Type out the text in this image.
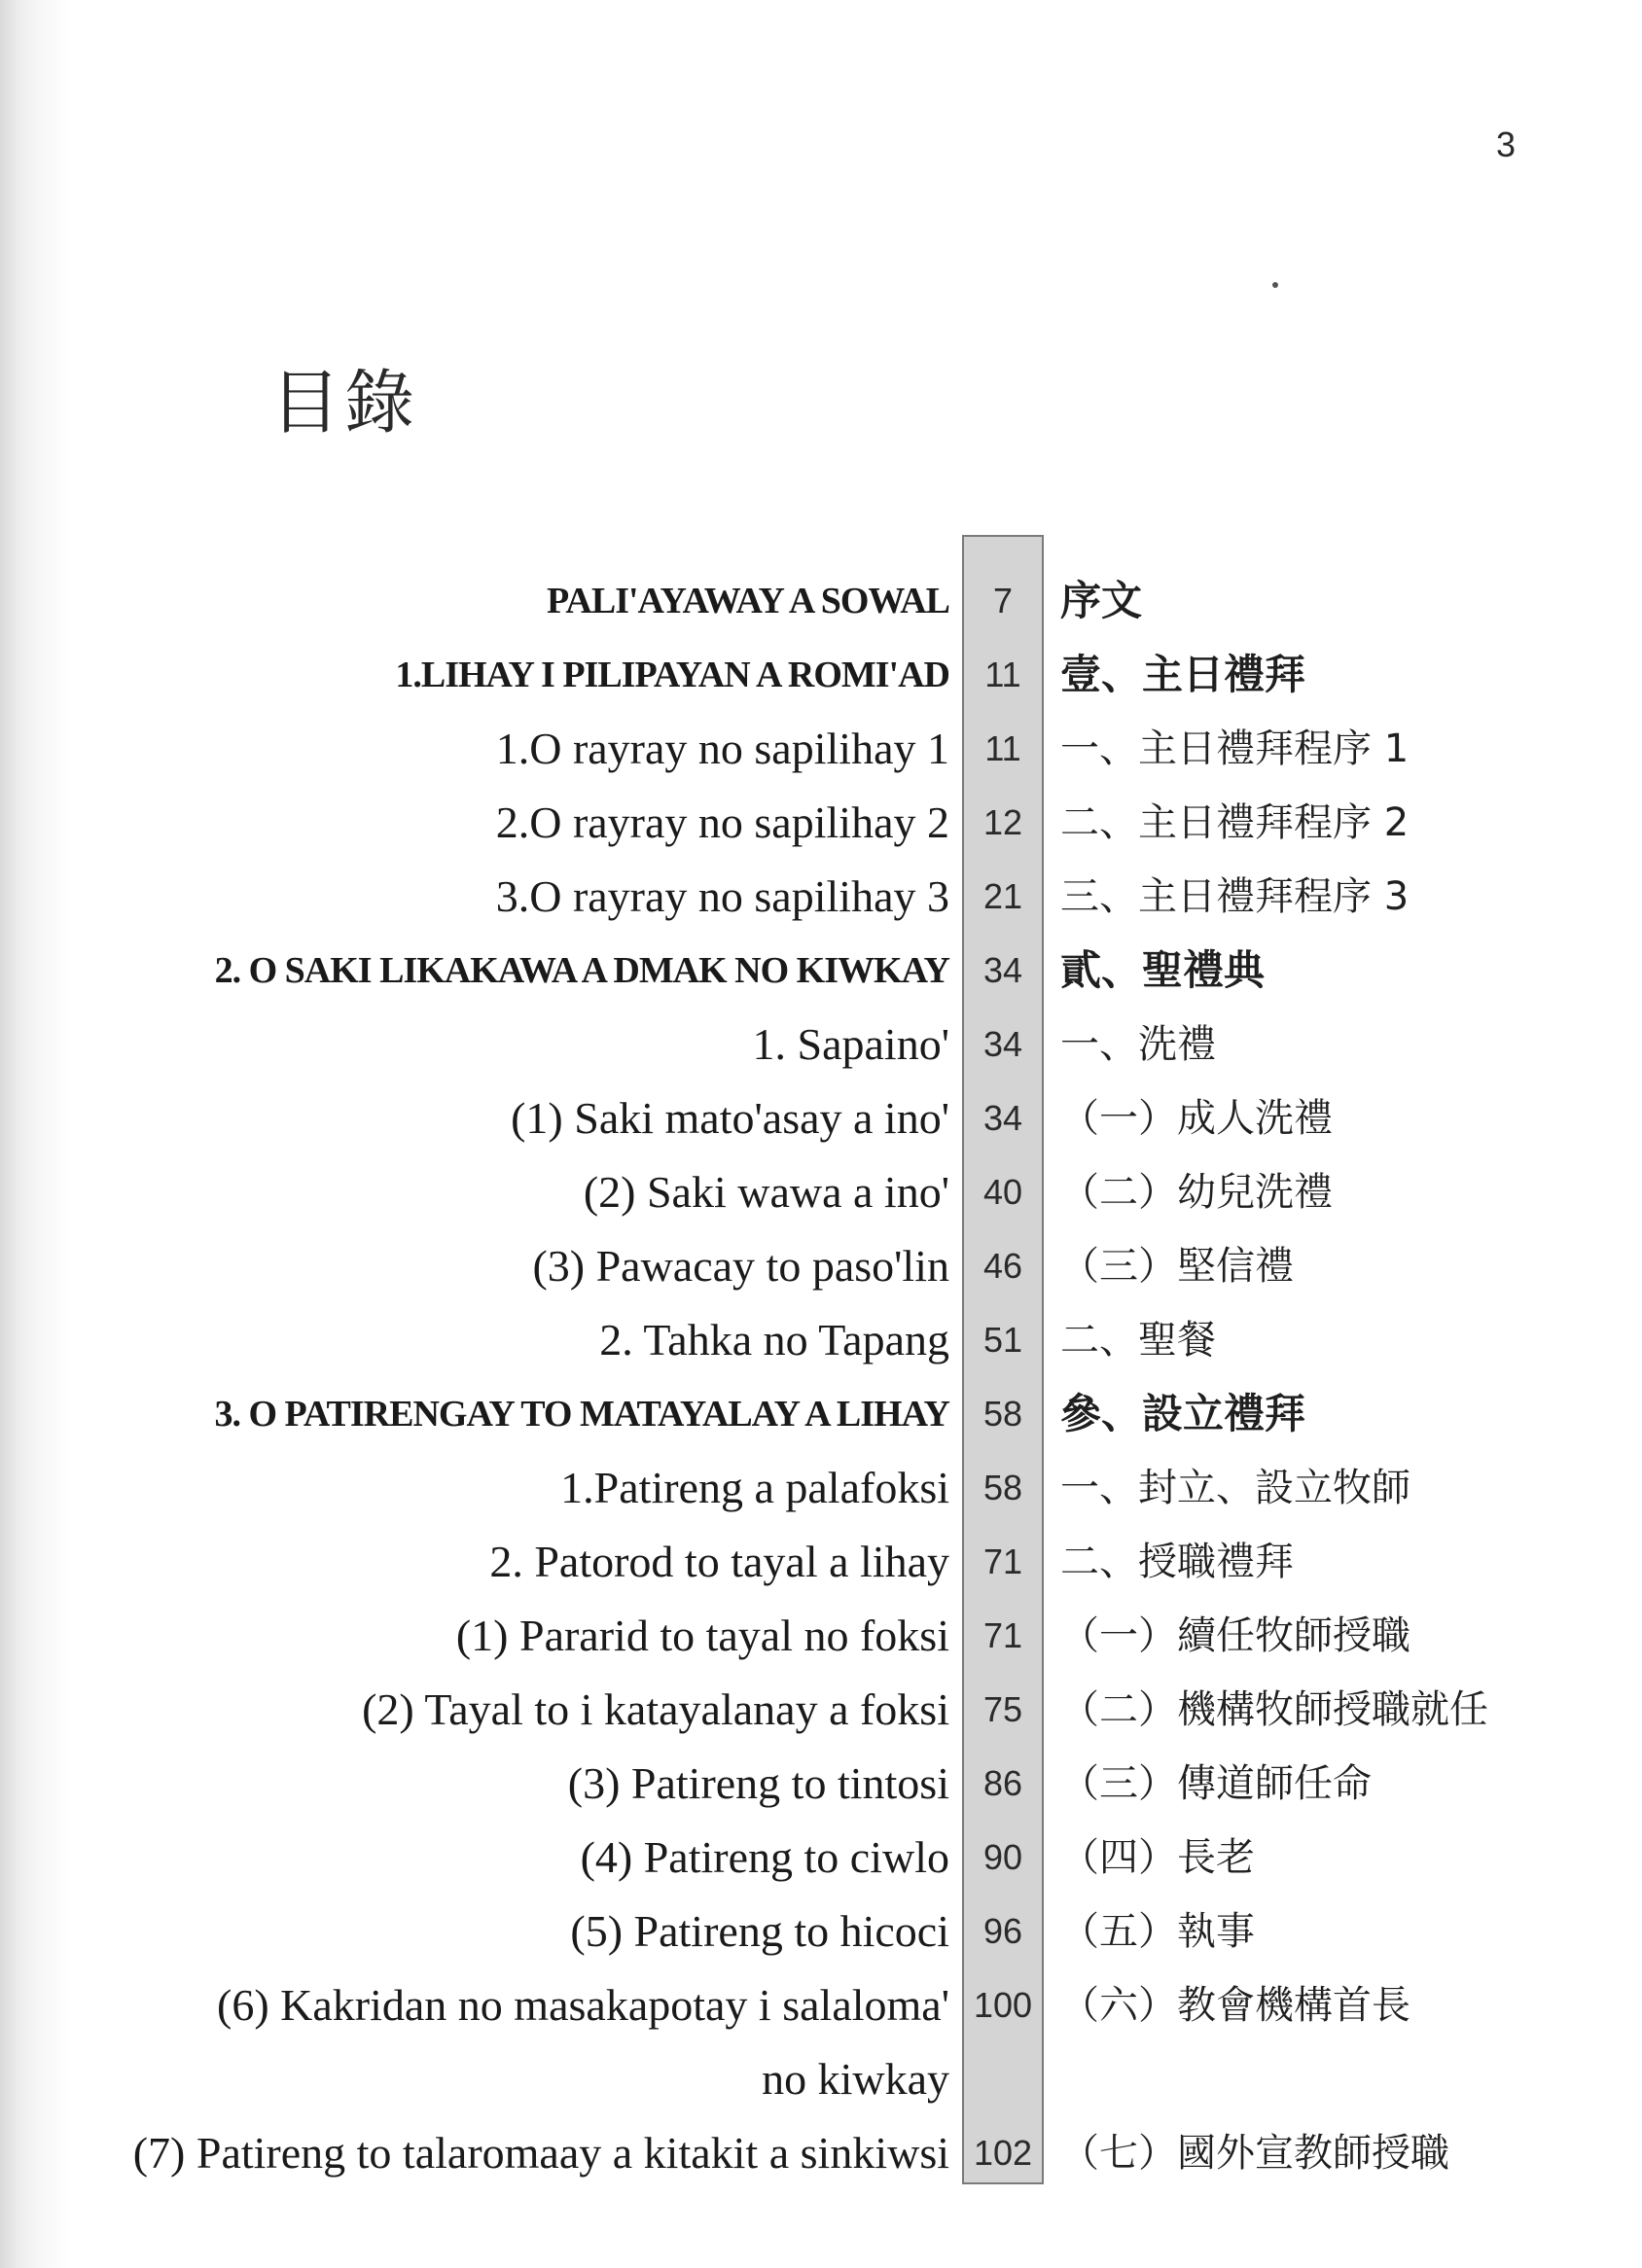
3
目錄
PALI'AYAWAY A SOWAL	7	序文
1.LIHAY I PILIPAYAN A ROMI'AD	11 壹、主日禮拜
1.O rayray no sapilihay 1	11	一、主日禮拜程序 1
2.O rayray no sapilihay 2 12 二、主日禮拜程序 2
3.O rayray no sapilihay 3 21 三、主日禮拜程序 3
2. O SAKI LIKAKAWA A DMAK NO KIWKAY 34 貳、聖禮典
1. Sapaino' 34 一、洗禮
(1) Saki mato'asay a ino' 34 （一）成人洗禮
(2) Saki wawa a ino' 40 （二）幼兒洗禮
(3) Pawacay to paso'lin 46 （三）堅信禮
2. Tahka no Tapang 51 二、聖餐
3. O PATIRENGAY TO MATAYALAY A LIHAY 58 參、設立禮拜
1.Patireng a palafoksi 58 一、封立、設立牧師
2. Patorod to tayal a lihay 71 二、授職禮拜
(1) Pararid to tayal no foksi 71 （一）續任牧師授職
(2) Tayal to i katayalanay a foksi 75 （二）機構牧師授職就任
(3) Patireng to tintosi 86 （三）傳道師任命
(4) Patireng to ciwlo 90 （四）長老
(5) Patireng to hicoci 96 （五）執事
(6) Kakridan no masakapotay i salaloma' 100 （六）教會機構首長
no kiwkay
(7) Patireng to talaromaay a kitakit a sinkiwsi 102 （七）國外宣教師授職
